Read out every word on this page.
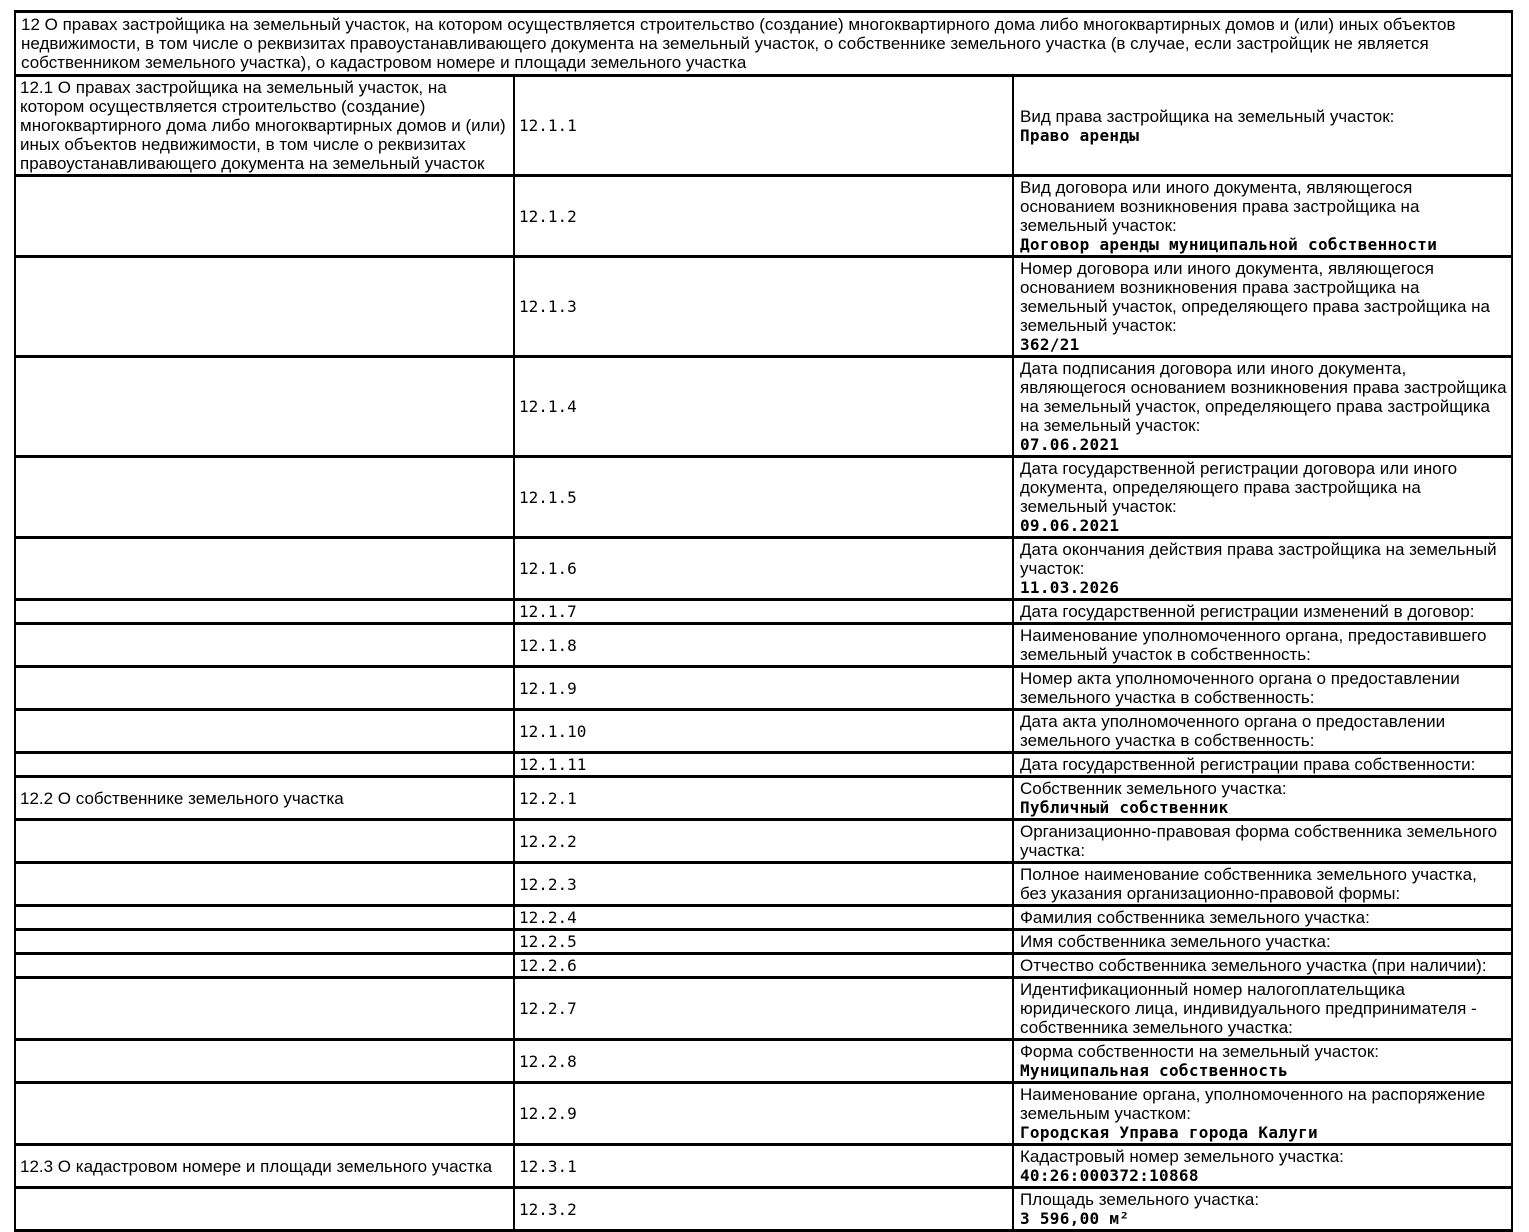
12 О правах застройщика на земельный участок, на котором осуществляется строительство (создание) многоквартирного дома либо многоквартирных домов и (или) иных объектов недвижимости, в том числе о реквизитах правоустанавливающего документа на земельный участок, о собственнике земельного участка (в случае, если застройщик не является собственником земельного участка), о кадастровом номере и площади земельного участка		
12.1 О правах застройщика на земельный участок, на котором осуществляется строительство (создание) многоквартирного дома либо многоквартирных домов и (или) иных объектов недвижимости, в том числе о реквизитах правоустанавливающего документа на земельный участок	12.1.1	Вид права застройщика на земельный участок:
Право аренды

	12.1.2	Вид договора или иного документа, являющегося основанием возникновения права застройщика на земельный участок:
Договор аренды муниципальной собственности

	12.1.3	Номер договора или иного документа, являющегося основанием возникновения права застройщика на земельный участок, определяющего права застройщика на земельный участок:
362/21

	12.1.4	Дата подписания договора или иного документа, являющегося основанием возникновения права застройщика на земельный участок, определяющего права застройщика на земельный участок:
07.06.2021

	12.1.5	Дата государственной регистрации договора или иного документа, определяющего права застройщика на земельный участок:
09.06.2021

	12.1.6	Дата окончания действия права застройщика на земельный участок:
11.03.2026

	12.1.7	Дата государственной регистрации изменений в договор:

	12.1.8	Наименование уполномоченного органа, предоставившего земельный участок в собственность:

	12.1.9	Номер акта уполномоченного органа о предоставлении земельного участка в собственность:

	12.1.10	Дата акта уполномоченного органа о предоставлении земельного участка в собственность:

	12.1.11	Дата государственной регистрации права собственности:

12.2 О собственнике земельного участка	12.2.1	Собственник земельного участка:
Публичный собственник

	12.2.2	Организационно-правовая форма собственника земельного участка:

	12.2.3	Полное наименование собственника земельного участка, без указания организационно-правовой формы:

	12.2.4	Фамилия собственника земельного участка:

	12.2.5	Имя собственника земельного участка:

	12.2.6	Отчество собственника земельного участка (при наличии):

	12.2.7	Идентификационный номер налогоплательщика юридического лица, индивидуального предпринимателя - собственника земельного участка:

	12.2.8	Форма собственности на земельный участок:
Муниципальная собственность

	12.2.9	Наименование органа, уполномоченного на распоряжение земельным участком:
Городская Управа города Калуги

12.3 О кадастровом номере и площади земельного участка	12.3.1	Кадастровый номер земельного участка:
40:26:000372:10868

	12.3.2	Площадь земельного участка:
3 596,00 м²
